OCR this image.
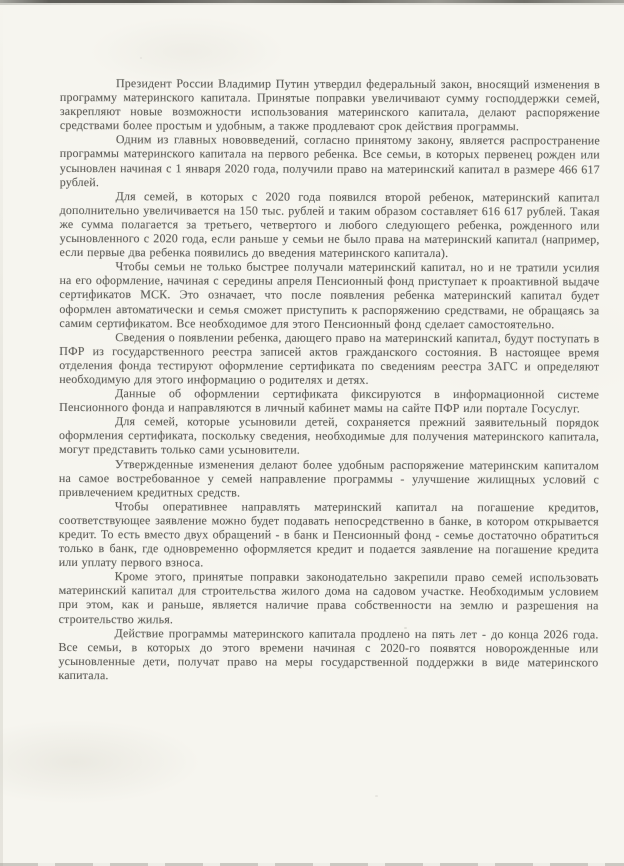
Президент России Владимир Путин утвердил федеральный закон, вносящий изменения в программу материнского капитала. Принятые поправки увеличивают сумму господдержки семей, закрепляют новые возможности использования материнского капитала, делают распоряжение средствами более простым и удобным, а также продлевают срок действия программы.

Одним из главных нововведений, согласно принятому закону, является распространение программы материнского капитала на первого ребенка. Все семьи, в которых первенец рожден или усыновлен начиная с 1 января 2020 года, получили право на материнский капитал в размере 466 617 рублей.

Для семей, в которых с 2020 года появился второй ребенок, материнский капитал дополнительно увеличивается на 150 тыс. рублей и таким образом составляет 616 617 рублей. Такая же сумма полагается за третьего, четвертого и любого следующего ребенка, рожденного или усыновленного с 2020 года, если раньше у семьи не было права на материнский капитал (например, если первые два ребенка появились до введения материнского капитала).

Чтобы семьи не только быстрее получали материнский капитал, но и не тратили усилия на его оформление, начиная с середины апреля Пенсионный фонд приступает к проактивной выдаче сертификатов МСК. Это означает, что после появления ребенка материнский капитал будет оформлен автоматически и семья сможет приступить к распоряжению средствами, не обращаясь за самим сертификатом. Все необходимое для этого Пенсионный фонд сделает самостоятельно.

Сведения о появлении ребенка, дающего право на материнский капитал, будут поступать в ПФР из государственного реестра записей актов гражданского состояния. В настоящее время отделения фонда тестируют оформление сертификата по сведениям реестра ЗАГС и определяют необходимую для этого информацию о родителях и детях.

Данные об оформлении сертификата фиксируются в информационной системе Пенсионного фонда и направляются в личный кабинет мамы на сайте ПФР или портале Госуслуг.

Для семей, которые усыновили детей, сохраняется прежний заявительный порядок оформления сертификата, поскольку сведения, необходимые для получения материнского капитала, могут представить только сами усыновители.

Утвержденные изменения делают более удобным распоряжение материнским капиталом на самое востребованное у семей направление программы - улучшение жилищных условий с привлечением кредитных средств.

Чтобы оперативнее направлять материнский капитал на погашение кредитов, соответствующее заявление можно будет подавать непосредственно в банке, в котором открывается кредит. То есть вместо двух обращений - в банк и Пенсионный фонд - семье достаточно обратиться только в банк, где одновременно оформляется кредит и подается заявление на погашение кредита или уплату первого взноса.

Кроме этого, принятые поправки законодательно закрепили право семей использовать материнский капитал для строительства жилого дома на садовом участке. Необходимым условием при этом, как и раньше, является наличие права собственности на землю и разрешения на строительство жилья.

Действие программы материнского капитала продлено на пять лет - до конца 2026 года. Все семьи, в которых до этого времени начиная с 2020-го появятся новорожденные или усыновленные дети, получат право на меры государственной поддержки в виде материнского капитала.
